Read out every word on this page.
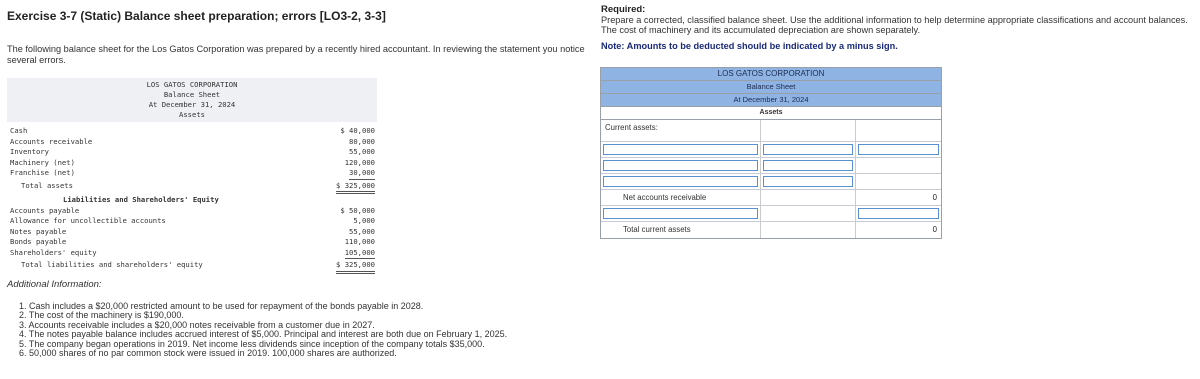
Exercise 3-7 (Static) Balance sheet preparation; errors [LO3-2, 3-3]
The following balance sheet for the Los Gatos Corporation was prepared by a recently hired accountant. In reviewing the statement you notice several errors.
LOS GATOS CORPORATION
Balance Sheet
At December 31, 2024
Assets
Cash	$ 40,000
Accounts receivable	80,000
Inventory	55,000
Machinery (net)	120,000
Franchise (net)	30,000
Total assets	$ 325,000
Liabilities and Shareholders' Equity
Accounts payable	$ 50,000
Allowance for uncollectible accounts	5,000
Notes payable	55,000
Bonds payable	110,000
Shareholders' equity	105,000
Total liabilities and shareholders' equity	$ 325,000
Additional Information:
1. Cash includes a $20,000 restricted amount to be used for repayment of the bonds payable in 2028.
2. The cost of the machinery is $190,000.
3. Accounts receivable includes a $20,000 notes receivable from a customer due in 2027.
4. The notes payable balance includes accrued interest of $5,000. Principal and interest are both due on February 1, 2025.
5. The company began operations in 2019. Net income less dividends since inception of the company totals $35,000.
6. 50,000 shares of no par common stock were issued in 2019. 100,000 shares are authorized.
Required:
Prepare a corrected, classified balance sheet. Use the additional information to help determine appropriate classifications and account balances. The cost of machinery and its accumulated depreciation are shown separately.
Note: Amounts to be deducted should be indicated by a minus sign.
LOS GATOS CORPORATION
Balance Sheet
At December 31, 2024
Assets
Current assets:
Net accounts receivable	0
Total current assets	0
